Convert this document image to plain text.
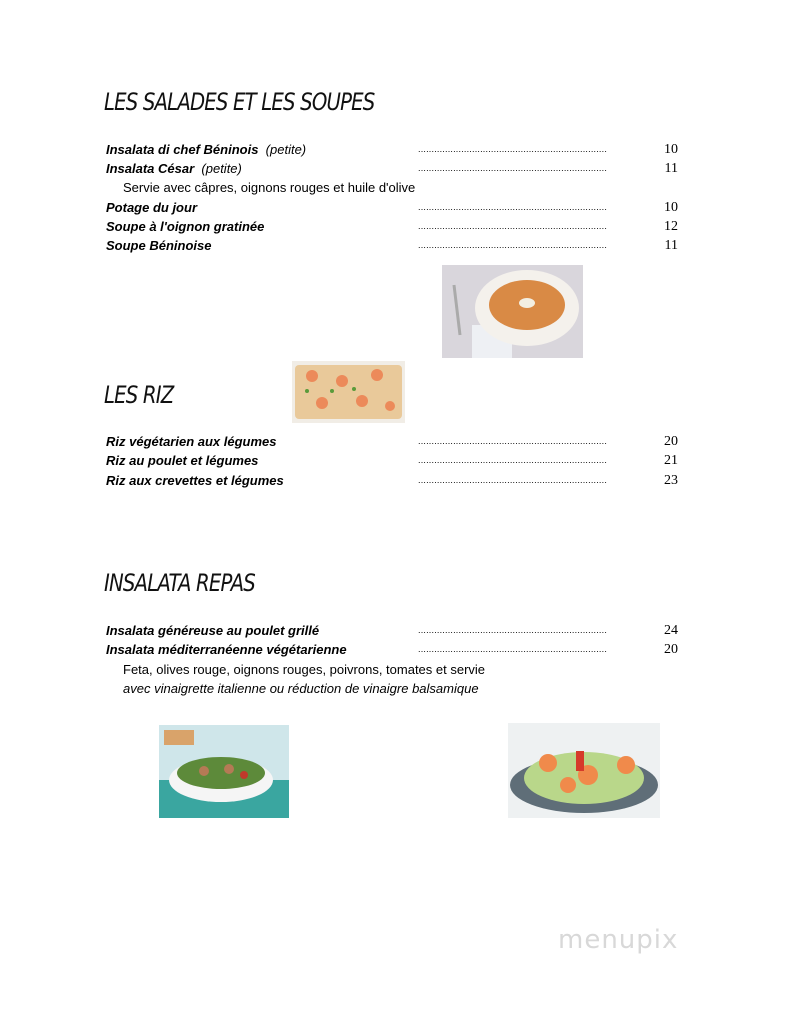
LES SALADES ET LES SOUPES
Insalata di chef Béninois (petite)	......................................................................	10
Insalata César (petite)	......................................................................	11
Servie avec câpres, oignons rouges et huile d'olive
Potage du jour	......................................................................	10
Soupe à l'oignon gratinée	......................................................................	12
Soupe Béninoise	......................................................................	11
LES RIZ
Riz végétarien aux légumes	......................................................................	20
Riz au poulet et légumes	......................................................................	21
Riz aux crevettes et légumes	......................................................................	23
INSALATA REPAS
Insalata généreuse au poulet grillé	......................................................................	24
Insalata méditerranéenne végétarienne	......................................................................	20
Feta, olives rouge, oignons rouges, poivrons, tomates et servie
avec vinaigrette italienne ou réduction de vinaigre balsamique
menupix
